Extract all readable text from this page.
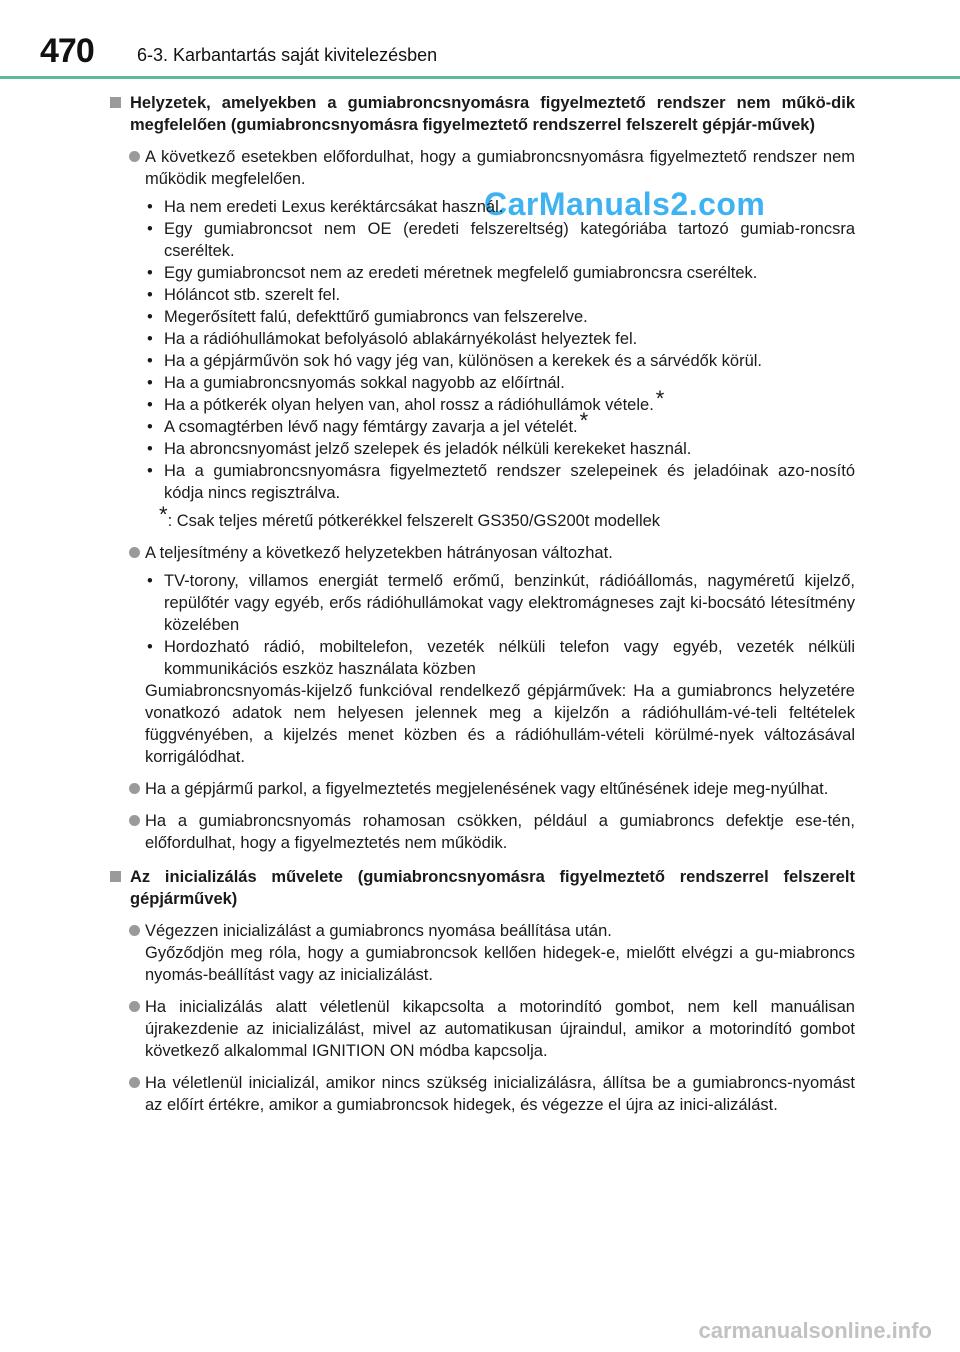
470 6-3. Karbantartás saját kivitelezésben
CarManuals2.com
Helyzetek, amelyekben a gumiabroncsnyomásra figyelmeztető rendszer nem műkö-dik megfelelően (gumiabroncsnyomásra figyelmeztető rendszerrel felszerelt gépjár-művek)

A következő esetekben előfordulhat, hogy a gumiabroncsnyomásra figyelmeztető rendszer nem működik megfelelően.

• Ha nem eredeti Lexus keréktárcsákat használ.
• Egy gumiabroncsot nem OE (eredeti felszereltség) kategóriába tartozó gumiab-roncsra cseréltek.
• Egy gumiabroncsot nem az eredeti méretnek megfelelő gumiabroncsra cseréltek.
• Hóláncot stb. szerelt fel.
• Megerősített falú, defekttűrő gumiabroncs van felszerelve.
• Ha a rádióhullámokat befolyásoló ablakárnyékolást helyeztek fel.
• Ha a gépjárművön sok hó vagy jég van, különösen a kerekek és a sárvédők körül.
• Ha a gumiabroncsnyomás sokkal nagyobb az előírtnál.
• Ha a pótkerék olyan helyen van, ahol rossz a rádióhullámok vétele.*
• A csomagtérben lévő nagy fémtárgy zavarja a jel vételét.*
• Ha abroncsnyomást jelző szelepek és jeladók nélküli kerekeket használ.
• Ha a gumiabroncsnyomásra figyelmeztető rendszer szelepeinek és jeladóinak azo-nosító kódja nincs regisztrálva.
*: Csak teljes méretű pótkerékkel felszerelt GS350/GS200t modellek

A teljesítmény a következő helyzetekben hátrányosan változhat.

• TV-torony, villamos energiát termelő erőmű, benzinkút, rádióállomás, nagyméretű kijelző, repülőtér vagy egyéb, erős rádióhullámokat vagy elektromágneses zajt ki-bocsátó létesítmény közelében
• Hordozható rádió, mobiltelefon, vezeték nélküli telefon vagy egyéb, vezeték nélküli kommunikációs eszköz használata közben

Gumiabroncsnyomás-kijelző funkcióval rendelkező gépjárművek: Ha a gumiabroncs helyzetére vonatkozó adatok nem helyesen jelennek meg a kijelzőn a rádióhullám-vé-teli feltételek függvényében, a kijelzés menet közben és a rádióhullám-vételi körülmé-nyek változásával korrigálódhat.

Ha a gépjármű parkol, a figyelmeztetés megjelenésének vagy eltűnésének ideje meg-nyúlhat.

Ha a gumiabroncsnyomás rohamosan csökken, például a gumiabroncs defektje ese-tén, előfordulhat, hogy a figyelmeztetés nem működik.

Az inicializálás művelete (gumiabroncsnyomásra figyelmeztető rendszerrel felszerelt gépjárművek)

Végezzen inicializálást a gumiabroncs nyomása beállítása után.

Győződjön meg róla, hogy a gumiabroncsok kellően hidegek-e, mielőtt elvégzi a gu-miabroncs nyomás-beállítást vagy az inicializálást.

Ha inicializálás alatt véletlenül kikapcsolta a motorindító gombot, nem kell manuálisan újrakezdenie az inicializálást, mivel az automatikusan újraindul, amikor a motorindító gombot következő alkalommal IGNITION ON módba kapcsolja.

Ha véletlenül inicializál, amikor nincs szükség inicializálásra, állítsa be a gumiabroncs-nyomást az előírt értékre, amikor a gumiabroncsok hidegek, és végezze el újra az inici-alizálást.

carmanualsonline.info
